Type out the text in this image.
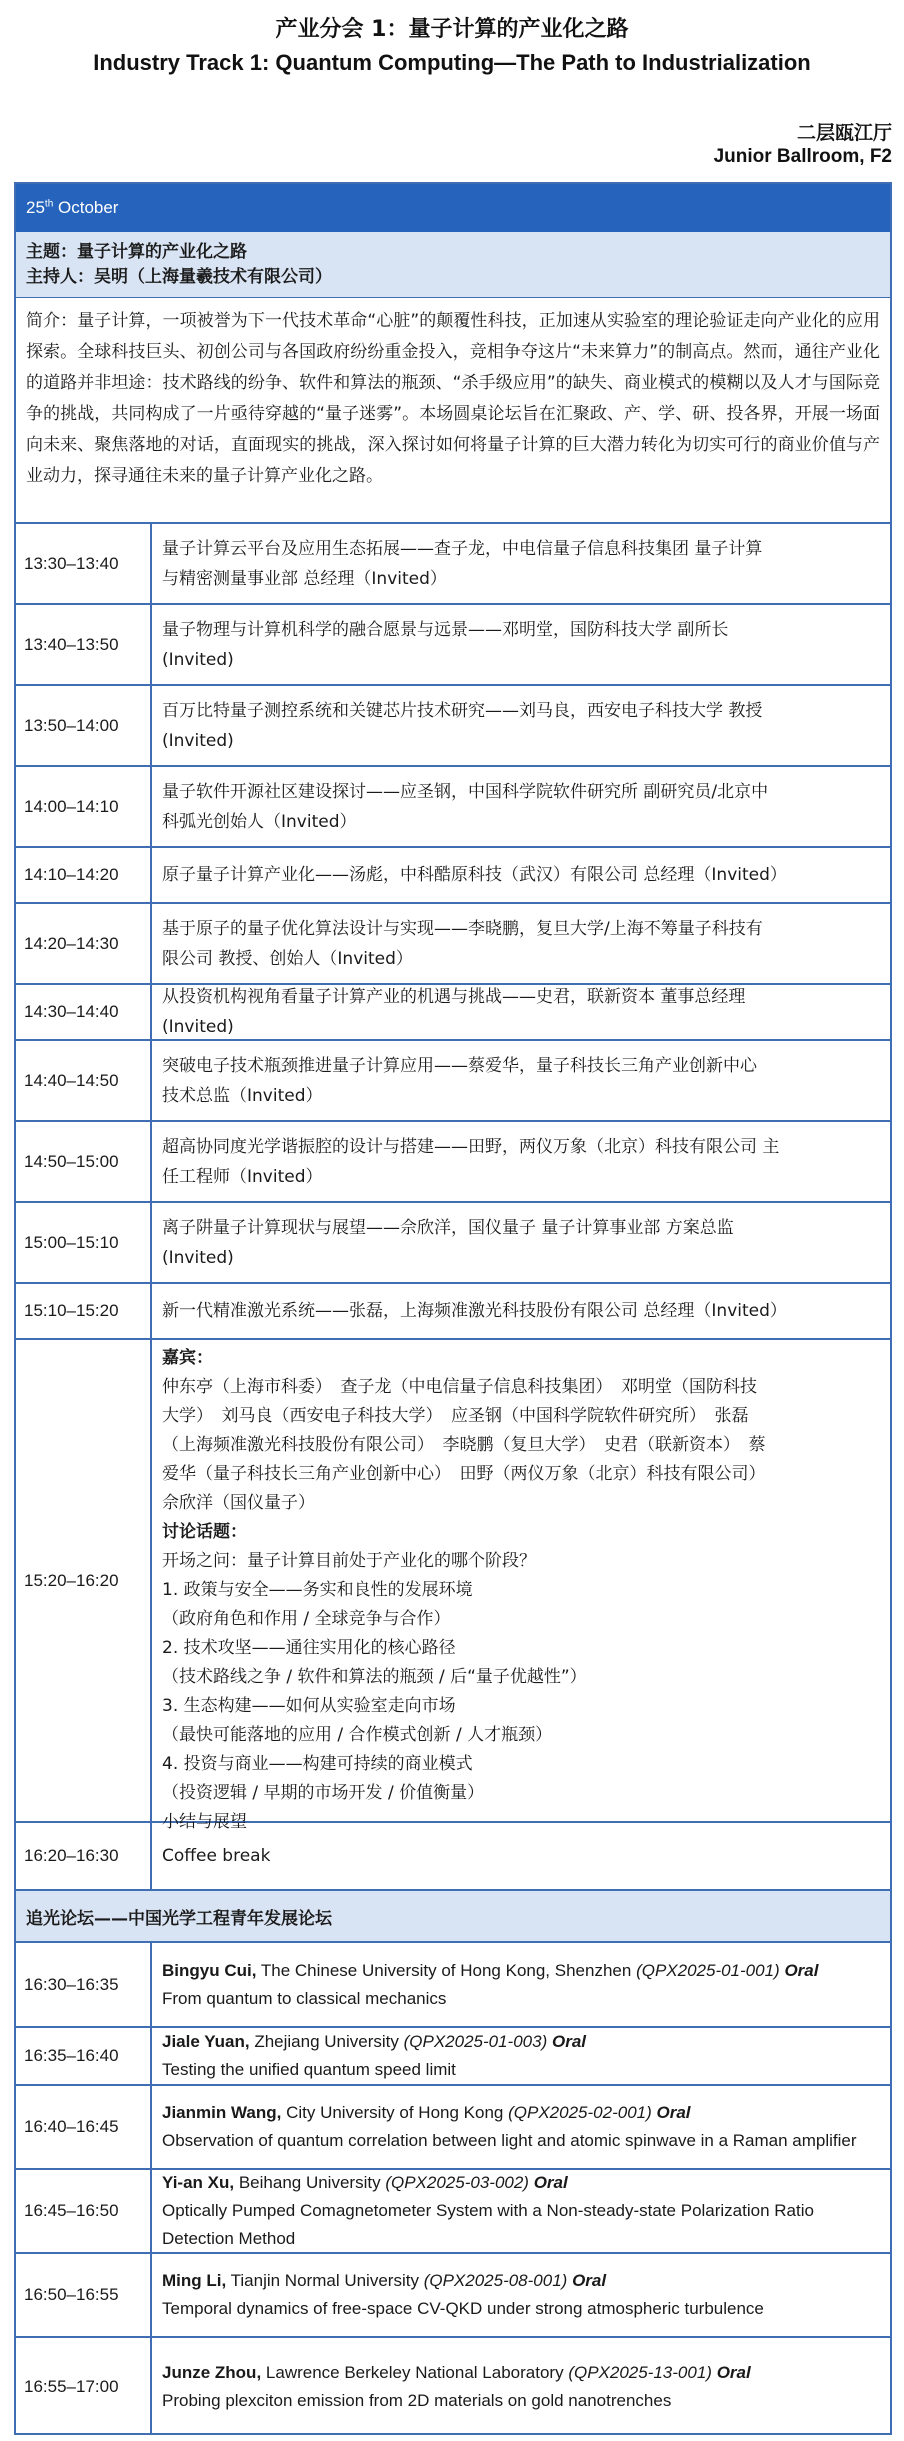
产业分会 1：量子计算的产业化之路
Industry Track 1: Quantum Computing—The Path to Industrialization
二层瓯江厅
Junior Ballroom, F2
25th October
主题：量子计算的产业化之路
主持人：吴明（上海量羲技术有限公司）
简介：量子计算，一项被誉为下一代技术革命“心脏”的颠覆性科技，正加速从实验室的理论验证走向产业化的应用探索。全球科技巨头、初创公司与各国政府纷纷重金投入，竞相争夺这片“未来算力”的制高点。然而，通往产业化的道路并非坦途：技术路线的纷争、软件和算法的瓶颈、“杀手级应用”的缺失、商业模式的模糊以及人才与国际竞争的挑战，共同构成了一片亟待穿越的“量子迷雾”。本场圆桌论坛旨在汇聚政、产、学、研、投各界，开展一场面向未来、聚焦落地的对话，直面现实的挑战，深入探讨如何将量子计算的巨大潜力转化为切实可行的商业价值与产业动力，探寻通往未来的量子计算产业化之路。
13:30–13:40
量子计算云平台及应用生态拓展——查子龙，中电信量子信息科技集团 量子计算
与精密测量事业部 总经理（Invited）
13:40–13:50
量子物理与计算机科学的融合愿景与远景——邓明堂，国防科技大学 副所长
(Invited)
13:50–14:00
百万比特量子测控系统和关键芯片技术研究——刘马良，西安电子科技大学 教授
(Invited)
14:00–14:10
量子软件开源社区建设探讨——应圣钢，中国科学院软件研究所 副研究员/北京中
科弧光创始人（Invited）
14:10–14:20	原子量子计算产业化——汤彪，中科酷原科技（武汉）有限公司 总经理（Invited）
14:20–14:30
基于原子的量子优化算法设计与实现——李晓鹏，复旦大学/上海不筹量子科技有
限公司 教授、创始人（Invited）
14:30–14:40
从投资机构视角看量子计算产业的机遇与挑战——史君，联新资本 董事总经理
(Invited)
14:40–14:50
突破电子技术瓶颈推进量子计算应用——蔡爱华，量子科技长三角产业创新中心
技术总监（Invited）
14:50–15:00
超高协同度光学谐振腔的设计与搭建——田野，两仪万象（北京）科技有限公司 主
任工程师（Invited）
15:00–15:10
离子阱量子计算现状与展望——佘欣洋，国仪量子 量子计算事业部 方案总监
(Invited)
15:10–15:20	新一代精准激光系统——张磊，上海频准激光科技股份有限公司 总经理（Invited）
15:20–16:20
嘉宾：
仲东亭（上海市科委）　查子龙（中电信量子信息科技集团）　邓明堂（国防科技
大学）　刘马良（西安电子科技大学）　应圣钢（中国科学院软件研究所）　张磊
（上海频准激光科技股份有限公司）　李晓鹏（复旦大学）　史君（联新资本）　蔡
爱华（量子科技长三角产业创新中心）　田野（两仪万象（北京）科技有限公司）
佘欣洋（国仪量子）
讨论话题：
开场之问：量子计算目前处于产业化的哪个阶段？
1. 政策与安全——务实和良性的发展环境
（政府角色和作用 / 全球竞争与合作）
2. 技术攻坚——通往实用化的核心路径
（技术路线之争 / 软件和算法的瓶颈 / 后“量子优越性”）
3. 生态构建——如何从实验室走向市场
（最快可能落地的应用 / 合作模式创新 / 人才瓶颈）
4. 投资与商业——构建可持续的商业模式
（投资逻辑 / 早期的市场开发 / 价值衡量）
小结与展望
16:20–16:30	Coffee break
追光论坛——中国光学工程青年发展论坛
16:30–16:35
Bingyu Cui, The Chinese University of Hong Kong, Shenzhen (QPX2025-01-001) Oral
From quantum to classical mechanics
16:35–16:40
Jiale Yuan, Zhejiang University (QPX2025-01-003) Oral
Testing the unified quantum speed limit
16:40–16:45
Jianmin Wang, City University of Hong Kong (QPX2025-02-001) Oral
Observation of quantum correlation between light and atomic spinwave in a Raman amplifier
16:45–16:50
Yi-an Xu, Beihang University (QPX2025-03-002) Oral
Optically Pumped Comagnetometer System with a Non-steady-state Polarization Ratio Detection Method
16:50–16:55
Ming Li, Tianjin Normal University (QPX2025-08-001) Oral
Temporal dynamics of free-space CV-QKD under strong atmospheric turbulence
16:55–17:00
Junze Zhou, Lawrence Berkeley National Laboratory (QPX2025-13-001) Oral
Probing plexciton emission from 2D materials on gold nanotrenches
